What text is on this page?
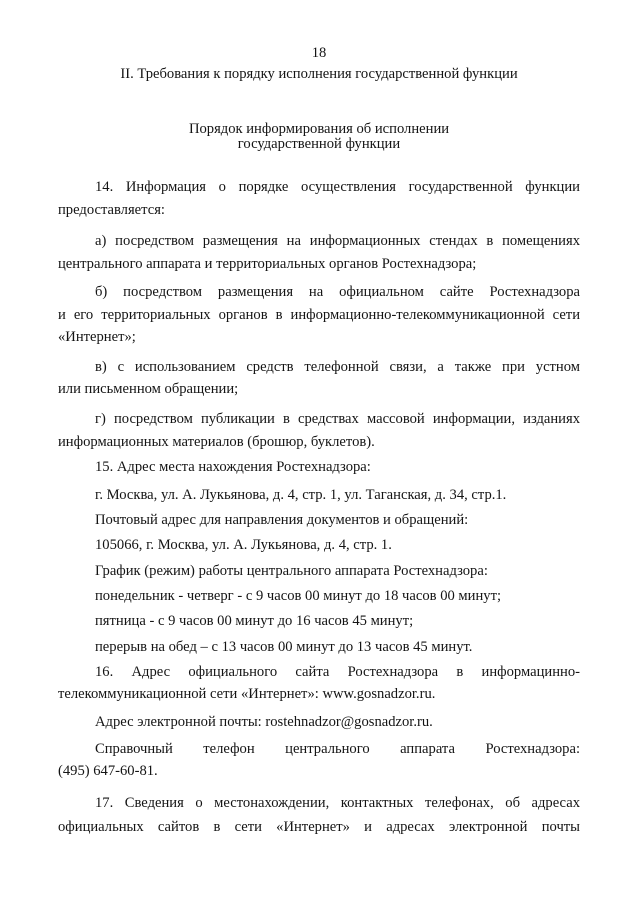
18
II. Требования к порядку исполнения государственной функции
Порядок информирования об исполнении
государственной функции
14. Информация о порядке осуществления государственной функции
предоставляется:
а) посредством размещения на информационных стендах в помещениях
центрального аппарата и территориальных органов Ростехнадзора;
б) посредством размещения на официальном сайте Ростехнадзора
и его территориальных органов в информационно-телекоммуникационной сети
«Интернет»;
в) с использованием средств телефонной связи, а также при устном
или письменном обращении;
г) посредством публикации в средствах массовой информации, изданиях
информационных материалов (брошюр, буклетов).
15. Адрес места нахождения Ростехнадзора:
г. Москва, ул. А. Лукьянова, д. 4, стр. 1, ул. Таганская, д. 34, стр.1.
Почтовый адрес для направления документов и обращений:
105066, г. Москва, ул. А. Лукьянова, д. 4, стр. 1.
График (режим) работы центрального аппарата Ростехнадзора:
понедельник - четверг - с 9 часов 00 минут до 18 часов 00 минут;
пятница - с 9 часов 00 минут до 16 часов 45 минут;
перерыв на обед – с 13 часов 00 минут до 13 часов 45 минут.
16. Адрес официального сайта Ростехнадзора в информацинно-
телекоммуникационной сети «Интернет»: www.gosnadzor.ru.
Адрес электронной почты: rostehnadzor@gosnadzor.ru.
Справочный телефон центрального аппарата Ростехнадзора:
(495) 647-60-81.
17. Сведения о местонахождении, контактных телефонах, об адресах
официальных сайтов в сети «Интернет» и адресах электронной почты
